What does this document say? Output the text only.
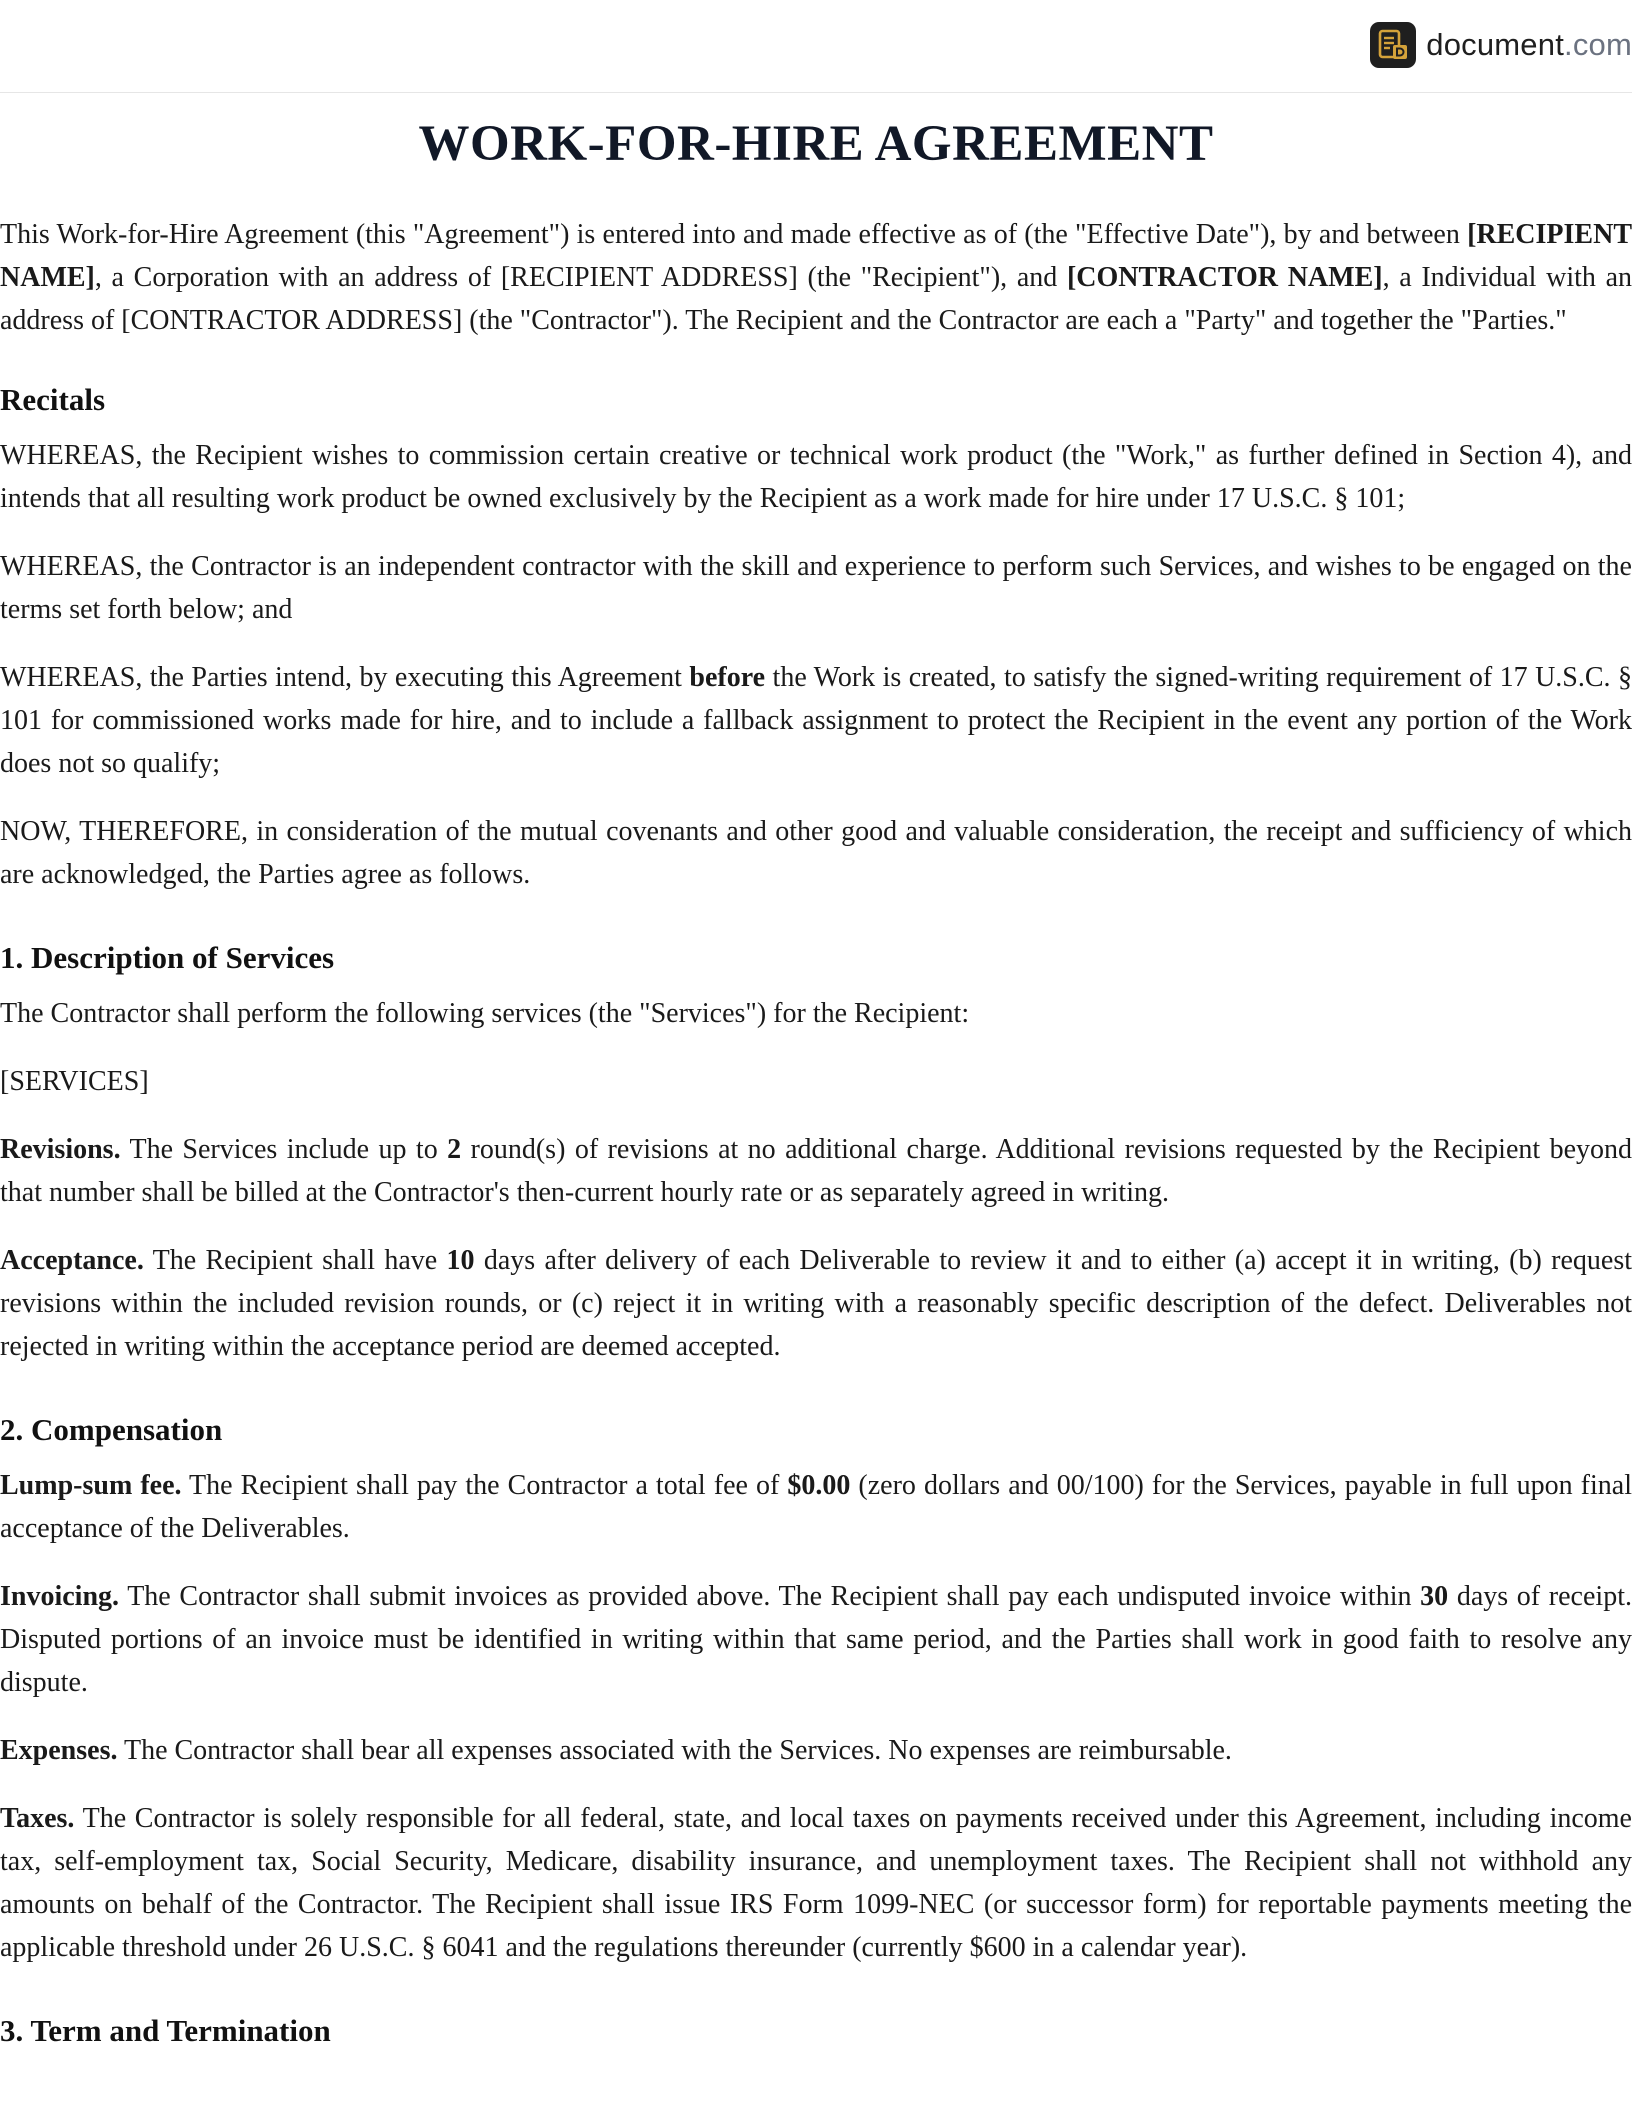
document.com
WORK-FOR-HIRE AGREEMENT

This Work-for-Hire Agreement (this "Agreement") is entered into and made effective as of (the "Effective Date"), by and between [RECIPIENT NAME], a Corporation with an address of [RECIPIENT ADDRESS] (the "Recipient"), and [CONTRACTOR NAME], a Individual with an address of [CONTRACTOR ADDRESS] (the "Contractor"). The Recipient and the Contractor are each a "Party" and together the "Parties."

Recitals

WHEREAS, the Recipient wishes to commission certain creative or technical work product (the "Work," as further defined in Section 4), and intends that all resulting work product be owned exclusively by the Recipient as a work made for hire under 17 U.S.C. § 101;

WHEREAS, the Contractor is an independent contractor with the skill and experience to perform such Services, and wishes to be engaged on the terms set forth below; and

WHEREAS, the Parties intend, by executing this Agreement before the Work is created, to satisfy the signed-writing requirement of 17 U.S.C. § 101 for commissioned works made for hire, and to include a fallback assignment to protect the Recipient in the event any portion of the Work does not so qualify;

NOW, THEREFORE, in consideration of the mutual covenants and other good and valuable consideration, the receipt and sufficiency of which are acknowledged, the Parties agree as follows.

1. Description of Services

The Contractor shall perform the following services (the "Services") for the Recipient:

[SERVICES]

Revisions. The Services include up to 2 round(s) of revisions at no additional charge. Additional revisions requested by the Recipient beyond that number shall be billed at the Contractor's then-current hourly rate or as separately agreed in writing.

Acceptance. The Recipient shall have 10 days after delivery of each Deliverable to review it and to either (a) accept it in writing, (b) request revisions within the included revision rounds, or (c) reject it in writing with a reasonably specific description of the defect. Deliverables not rejected in writing within the acceptance period are deemed accepted.

2. Compensation

Lump-sum fee. The Recipient shall pay the Contractor a total fee of $0.00 (zero dollars and 00/100) for the Services, payable in full upon final acceptance of the Deliverables.

Invoicing. The Contractor shall submit invoices as provided above. The Recipient shall pay each undisputed invoice within 30 days of receipt. Disputed portions of an invoice must be identified in writing within that same period, and the Parties shall work in good faith to resolve any dispute.

Expenses. The Contractor shall bear all expenses associated with the Services. No expenses are reimbursable.

Taxes. The Contractor is solely responsible for all federal, state, and local taxes on payments received under this Agreement, including income tax, self-employment tax, Social Security, Medicare, disability insurance, and unemployment taxes. The Recipient shall not withhold any amounts on behalf of the Contractor. The Recipient shall issue IRS Form 1099-NEC (or successor form) for reportable payments meeting the applicable threshold under 26 U.S.C. § 6041 and the regulations thereunder (currently $600 in a calendar year).

3. Term and Termination
